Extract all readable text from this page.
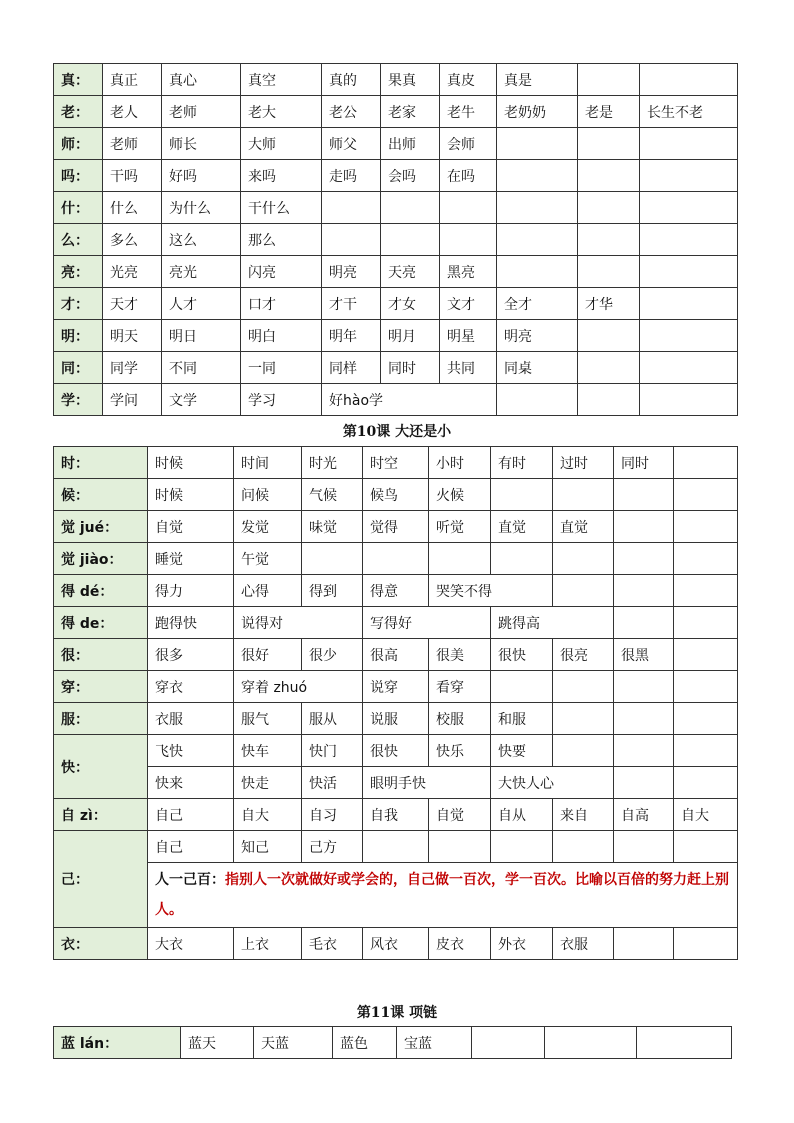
真：	真正	真心	真空	真的	果真	真皮	真是		
老：	老人	老师	老大	老公	老家	老牛	老奶奶	老是	长生不老
师：	老师	师长	大师	师父	出师	会师			
吗：	干吗	好吗	来吗	走吗	会吗	在吗			
什：	什么	为什么	干什么						
么：	多么	这么	那么						
亮：	光亮	亮光	闪亮	明亮	天亮	黑亮			
才：	天才	人才	口才	才干	才女	文才	全才	才华	
明：	明天	明日	明白	明年	明月	明星	明亮		
同：	同学	不同	一同	同样	同时	共同	同桌		
学：	学问	文学	学习	好hào学					
第10课 大还是小
时：	时候	时间	时光	时空	小时	有时	过时	同时		
候：	时候	问候	气候	候鸟	火候					
觉 jué：	自觉	发觉	味觉	觉得	听觉	直觉	直觉			
觉 jiào：	睡觉	午觉								
得 dé：	得力	心得	得到	得意	哭笑不得					
得 de：	跑得快	说得对		写得好		跳得高				
很：	很多	很好	很少	很高	很美	很快	很亮	很黑		
穿：	穿衣	穿着 zhuó		说穿	看穿					
服：	衣服	服气	服从	说服	校服	和服				
快：	飞快	快车	快门	很快	快乐	快要				
	快来	快走	快活	眼明手快		大快人心				
自 zì：	自己	自大	自习	自我	自觉	自从	来自	自高	自大	
己：	自己	知己	己方							
	人一己百：指别人一次就做好或学会的，自己做一百次，学一百次。比喻以百倍的努力赶上别人。									
衣：	大衣	上衣	毛衣	风衣	皮衣	外衣	衣服			
第11课 项链
蓝 lán：	蓝天	天蓝	蓝色	宝蓝			
